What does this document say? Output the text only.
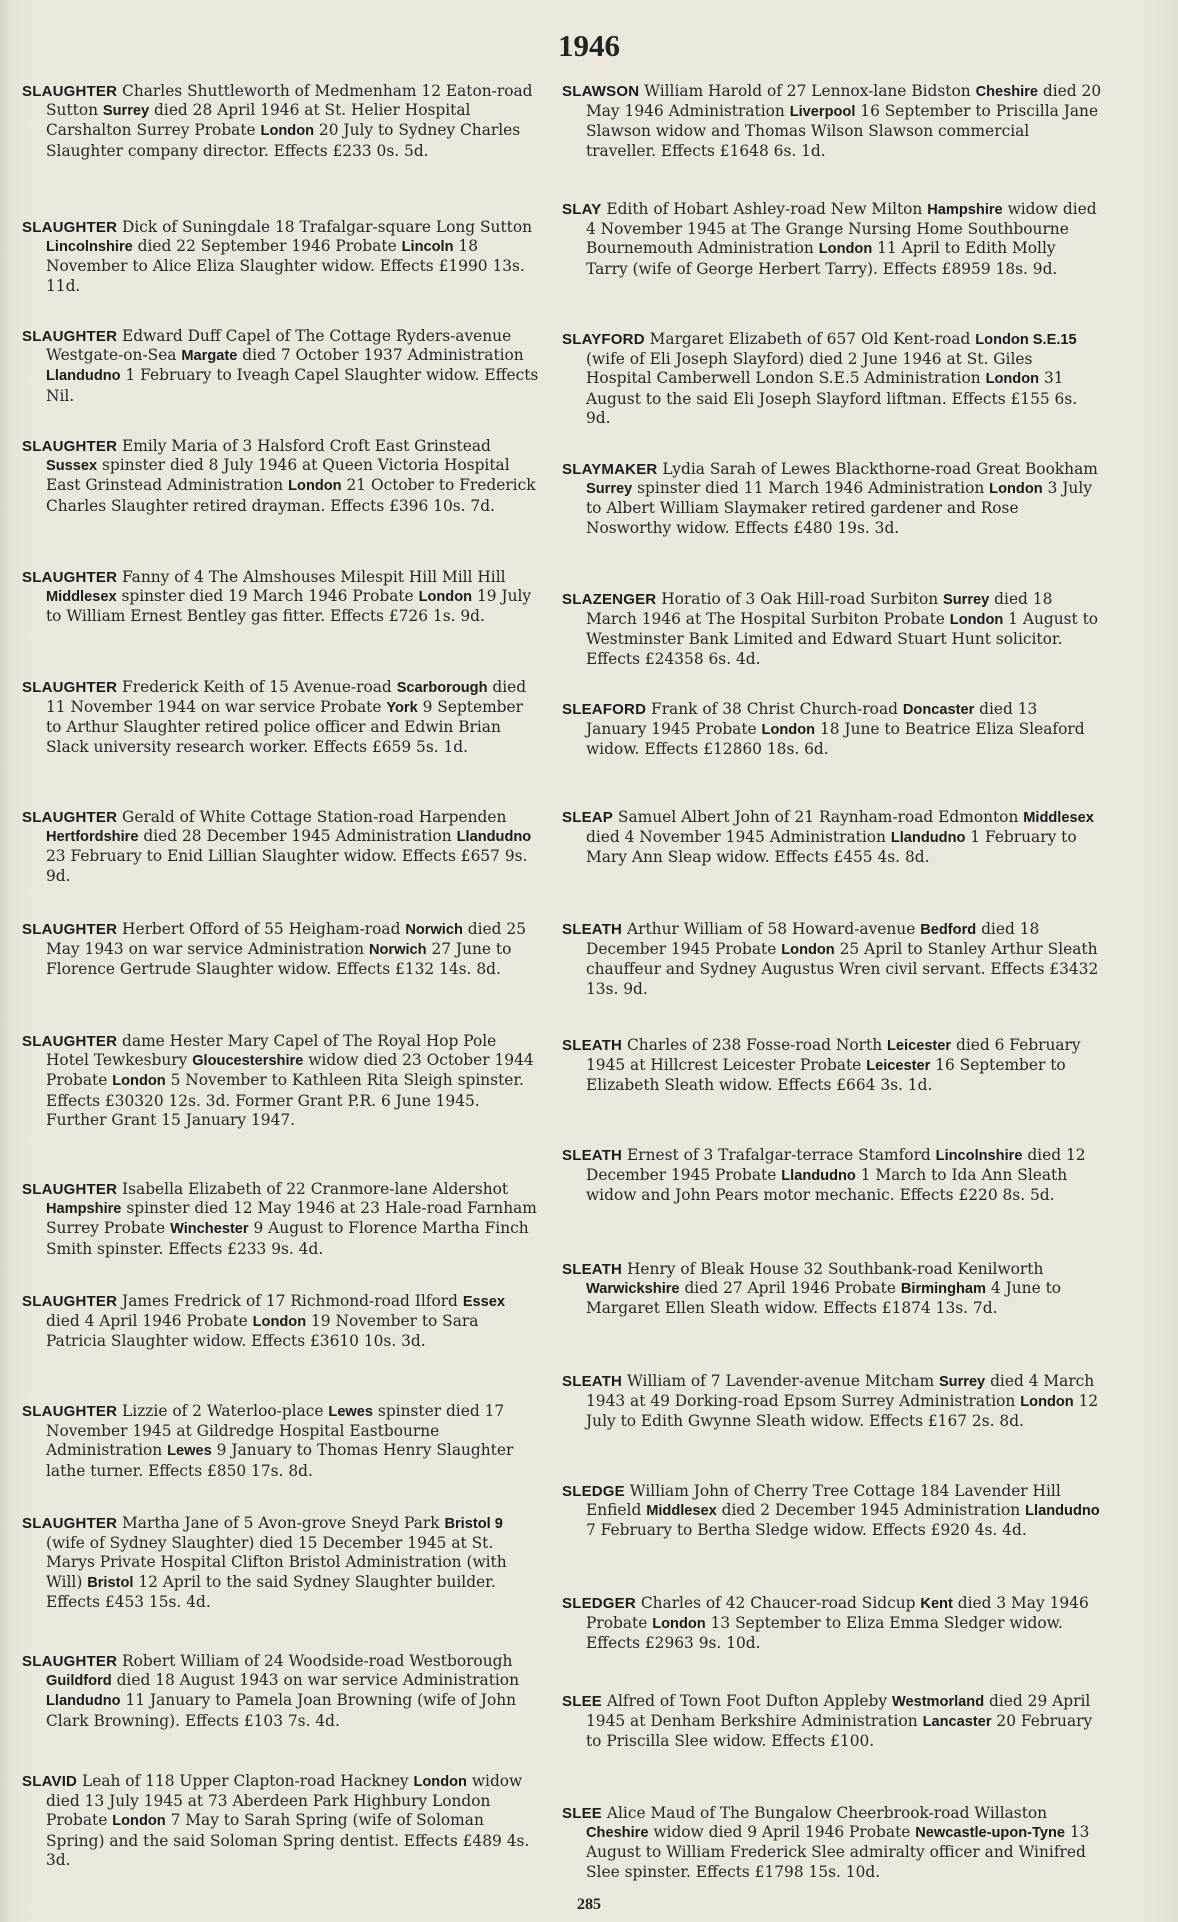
1946
SLAUGHTER Charles Shuttleworth of Medmenham 12 Eaton-road Sutton Surrey died 28 April 1946 at St. Helier Hospital Carshalton Surrey Probate London 20 July to Sydney Charles Slaughter company director. Effects £233 0s. 5d.
SLAUGHTER Dick of Suningdale 18 Trafalgar-square Long Sutton Lincolnshire died 22 September 1946 Probate Lincoln 18 November to Alice Eliza Slaughter widow. Effects £1990 13s. 11d.
SLAUGHTER Edward Duff Capel of The Cottage Ryders-avenue Westgate-on-Sea Margate died 7 October 1937 Administration Llandudno 1 February to Iveagh Capel Slaughter widow. Effects Nil.
SLAUGHTER Emily Maria of 3 Halsford Croft East Grinstead Sussex spinster died 8 July 1946 at Queen Victoria Hospital East Grinstead Administration London 21 October to Frederick Charles Slaughter retired drayman. Effects £396 10s. 7d.
SLAUGHTER Fanny of 4 The Almshouses Milespit Hill Mill Hill Middlesex spinster died 19 March 1946 Probate London 19 July to William Ernest Bentley gas fitter. Effects £726 1s. 9d.
SLAUGHTER Frederick Keith of 15 Avenue-road Scarborough died 11 November 1944 on war service Probate York 9 September to Arthur Slaughter retired police officer and Edwin Brian Slack university research worker. Effects £659 5s. 1d.
SLAUGHTER Gerald of White Cottage Station-road Harpenden Hertfordshire died 28 December 1945 Administration Llandudno 23 February to Enid Lillian Slaughter widow. Effects £657 9s. 9d.
SLAUGHTER Herbert Offord of 55 Heigham-road Norwich died 25 May 1943 on war service Administration Norwich 27 June to Florence Gertrude Slaughter widow. Effects £132 14s. 8d.
SLAUGHTER dame Hester Mary Capel of The Royal Hop Pole Hotel Tewkesbury Gloucestershire widow died 23 October 1944 Probate London 5 November to Kathleen Rita Sleigh spinster. Effects £30320 12s. 3d. Former Grant P.R. 6 June 1945. Further Grant 15 January 1947.
SLAUGHTER Isabella Elizabeth of 22 Cranmore-lane Aldershot Hampshire spinster died 12 May 1946 at 23 Hale-road Farnham Surrey Probate Winchester 9 August to Florence Martha Finch Smith spinster. Effects £233 9s. 4d.
SLAUGHTER James Fredrick of 17 Richmond-road Ilford Essex died 4 April 1946 Probate London 19 November to Sara Patricia Slaughter widow. Effects £3610 10s. 3d.
SLAUGHTER Lizzie of 2 Waterloo-place Lewes spinster died 17 November 1945 at Gildredge Hospital Eastbourne Administration Lewes 9 January to Thomas Henry Slaughter lathe turner. Effects £850 17s. 8d.
SLAUGHTER Martha Jane of 5 Avon-grove Sneyd Park Bristol 9 (wife of Sydney Slaughter) died 15 December 1945 at St. Marys Private Hospital Clifton Bristol Administration (with Will) Bristol 12 April to the said Sydney Slaughter builder. Effects £453 15s. 4d.
SLAUGHTER Robert William of 24 Woodside-road Westborough Guildford died 18 August 1943 on war service Administration Llandudno 11 January to Pamela Joan Browning (wife of John Clark Browning). Effects £103 7s. 4d.
SLAVID Leah of 118 Upper Clapton-road Hackney London widow died 13 July 1945 at 73 Aberdeen Park Highbury London Probate London 7 May to Sarah Spring (wife of Soloman Spring) and the said Soloman Spring dentist. Effects £489 4s. 3d.
SLAWSON William Harold of 27 Lennox-lane Bidston Cheshire died 20 May 1946 Administration Liverpool 16 September to Priscilla Jane Slawson widow and Thomas Wilson Slawson commercial traveller. Effects £1648 6s. 1d.
SLAY Edith of Hobart Ashley-road New Milton Hampshire widow died 4 November 1945 at The Grange Nursing Home Southbourne Bournemouth Administration London 11 April to Edith Molly Tarry (wife of George Herbert Tarry). Effects £8959 18s. 9d.
SLAYFORD Margaret Elizabeth of 657 Old Kent-road London S.E.15 (wife of Eli Joseph Slayford) died 2 June 1946 at St. Giles Hospital Camberwell London S.E.5 Administration London 31 August to the said Eli Joseph Slayford liftman. Effects £155 6s. 9d.
SLAYMAKER Lydia Sarah of Lewes Blackthorne-road Great Bookham Surrey spinster died 11 March 1946 Administration London 3 July to Albert William Slaymaker retired gardener and Rose Nosworthy widow. Effects £480 19s. 3d.
SLAZENGER Horatio of 3 Oak Hill-road Surbiton Surrey died 18 March 1946 at The Hospital Surbiton Probate London 1 August to Westminster Bank Limited and Edward Stuart Hunt solicitor. Effects £24358 6s. 4d.
SLEAFORD Frank of 38 Christ Church-road Doncaster died 13 January 1945 Probate London 18 June to Beatrice Eliza Sleaford widow. Effects £12860 18s. 6d.
SLEAP Samuel Albert John of 21 Raynham-road Edmonton Middlesex died 4 November 1945 Administration Llandudno 1 February to Mary Ann Sleap widow. Effects £455 4s. 8d.
SLEATH Arthur William of 58 Howard-avenue Bedford died 18 December 1945 Probate London 25 April to Stanley Arthur Sleath chauffeur and Sydney Augustus Wren civil servant. Effects £3432 13s. 9d.
SLEATH Charles of 238 Fosse-road North Leicester died 6 February 1945 at Hillcrest Leicester Probate Leicester 16 September to Elizabeth Sleath widow. Effects £664 3s. 1d.
SLEATH Ernest of 3 Trafalgar-terrace Stamford Lincolnshire died 12 December 1945 Probate Llandudno 1 March to Ida Ann Sleath widow and John Pears motor mechanic. Effects £220 8s. 5d.
SLEATH Henry of Bleak House 32 Southbank-road Kenilworth Warwickshire died 27 April 1946 Probate Birmingham 4 June to Margaret Ellen Sleath widow. Effects £1874 13s. 7d.
SLEATH William of 7 Lavender-avenue Mitcham Surrey died 4 March 1943 at 49 Dorking-road Epsom Surrey Administration London 12 July to Edith Gwynne Sleath widow. Effects £167 2s. 8d.
SLEDGE William John of Cherry Tree Cottage 184 Lavender Hill Enfield Middlesex died 2 December 1945 Administration Llandudno 7 February to Bertha Sledge widow. Effects £920 4s. 4d.
SLEDGER Charles of 42 Chaucer-road Sidcup Kent died 3 May 1946 Probate London 13 September to Eliza Emma Sledger widow. Effects £2963 9s. 10d.
SLEE Alfred of Town Foot Dufton Appleby Westmorland died 29 April 1945 at Denham Berkshire Administration Lancaster 20 February to Priscilla Slee widow. Effects £100.
SLEE Alice Maud of The Bungalow Cheerbrook-road Willaston Cheshire widow died 9 April 1946 Probate Newcastle-upon-Tyne 13 August to William Frederick Slee admiralty officer and Winifred Slee spinster. Effects £1798 15s. 10d.
285
